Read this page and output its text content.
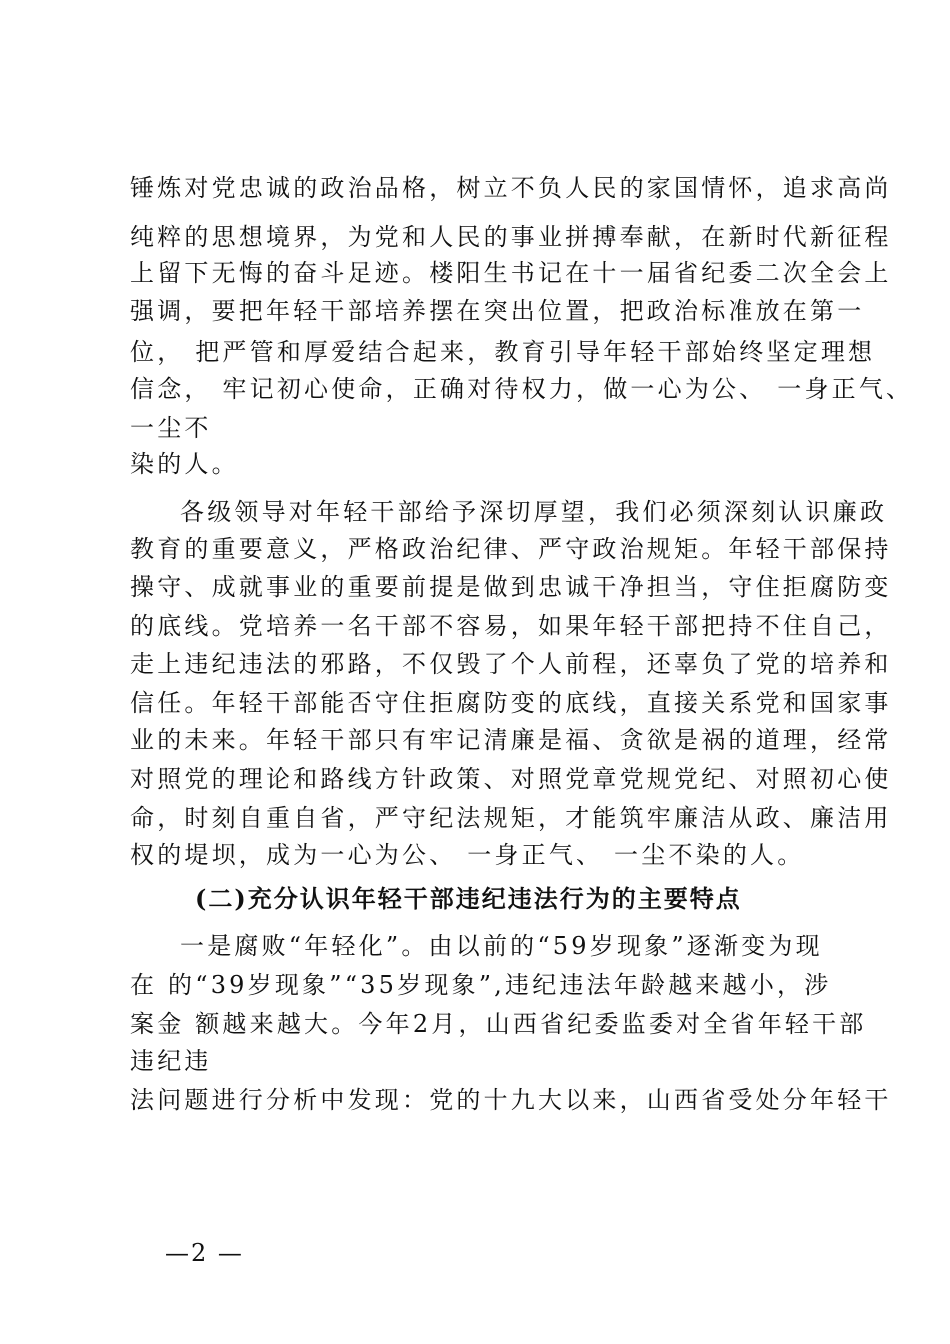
锤炼对党忠诚的政治品格，树立不负人民的家国情怀，追求高尚
纯粹的思想境界，为党和人民的事业拼搏奉献，在新时代新征程
上留下无悔的奋斗足迹。楼阳生书记在十一届省纪委二次全会上
强调，要把年轻干部培养摆在突出位置，把政治标准放在第一
位， 把严管和厚爱结合起来，教育引导年轻干部始终坚定理想
信念， 牢记初心使命，正确对待权力，做一心为公、 一身正气、
一尘不
染的人。
各级领导对年轻干部给予深切厚望，我们必须深刻认识廉政
教育的重要意义，严格政治纪律、严守政治规矩。年轻干部保持
操守、成就事业的重要前提是做到忠诚干净担当，守住拒腐防变
的底线。党培养一名干部不容易，如果年轻干部把持不住自己，
走上违纪违法的邪路，不仅毁了个人前程，还辜负了党的培养和
信任。年轻干部能否守住拒腐防变的底线，直接关系党和国家事
业的未来。年轻干部只有牢记清廉是福、贪欲是祸的道理，经常
对照党的理论和路线方针政策、对照党章党规党纪、对照初心使
命，时刻自重自省，严守纪法规矩，才能筑牢廉洁从政、廉洁用
权的堤坝，成为一心为公、 一身正气、 一尘不染的人。
(二)充分认识年轻干部违纪违法行为的主要特点
一是腐败“年轻化”。由以前的“59岁现象”逐渐变为现
在 的“39岁现象”“35岁现象”,违纪违法年龄越来越小，涉
案金 额越来越大。今年2月，山西省纪委监委对全省年轻干部
违纪违
法问题进行分析中发现：党的十九大以来，山西省受处分年轻干
—2 —
